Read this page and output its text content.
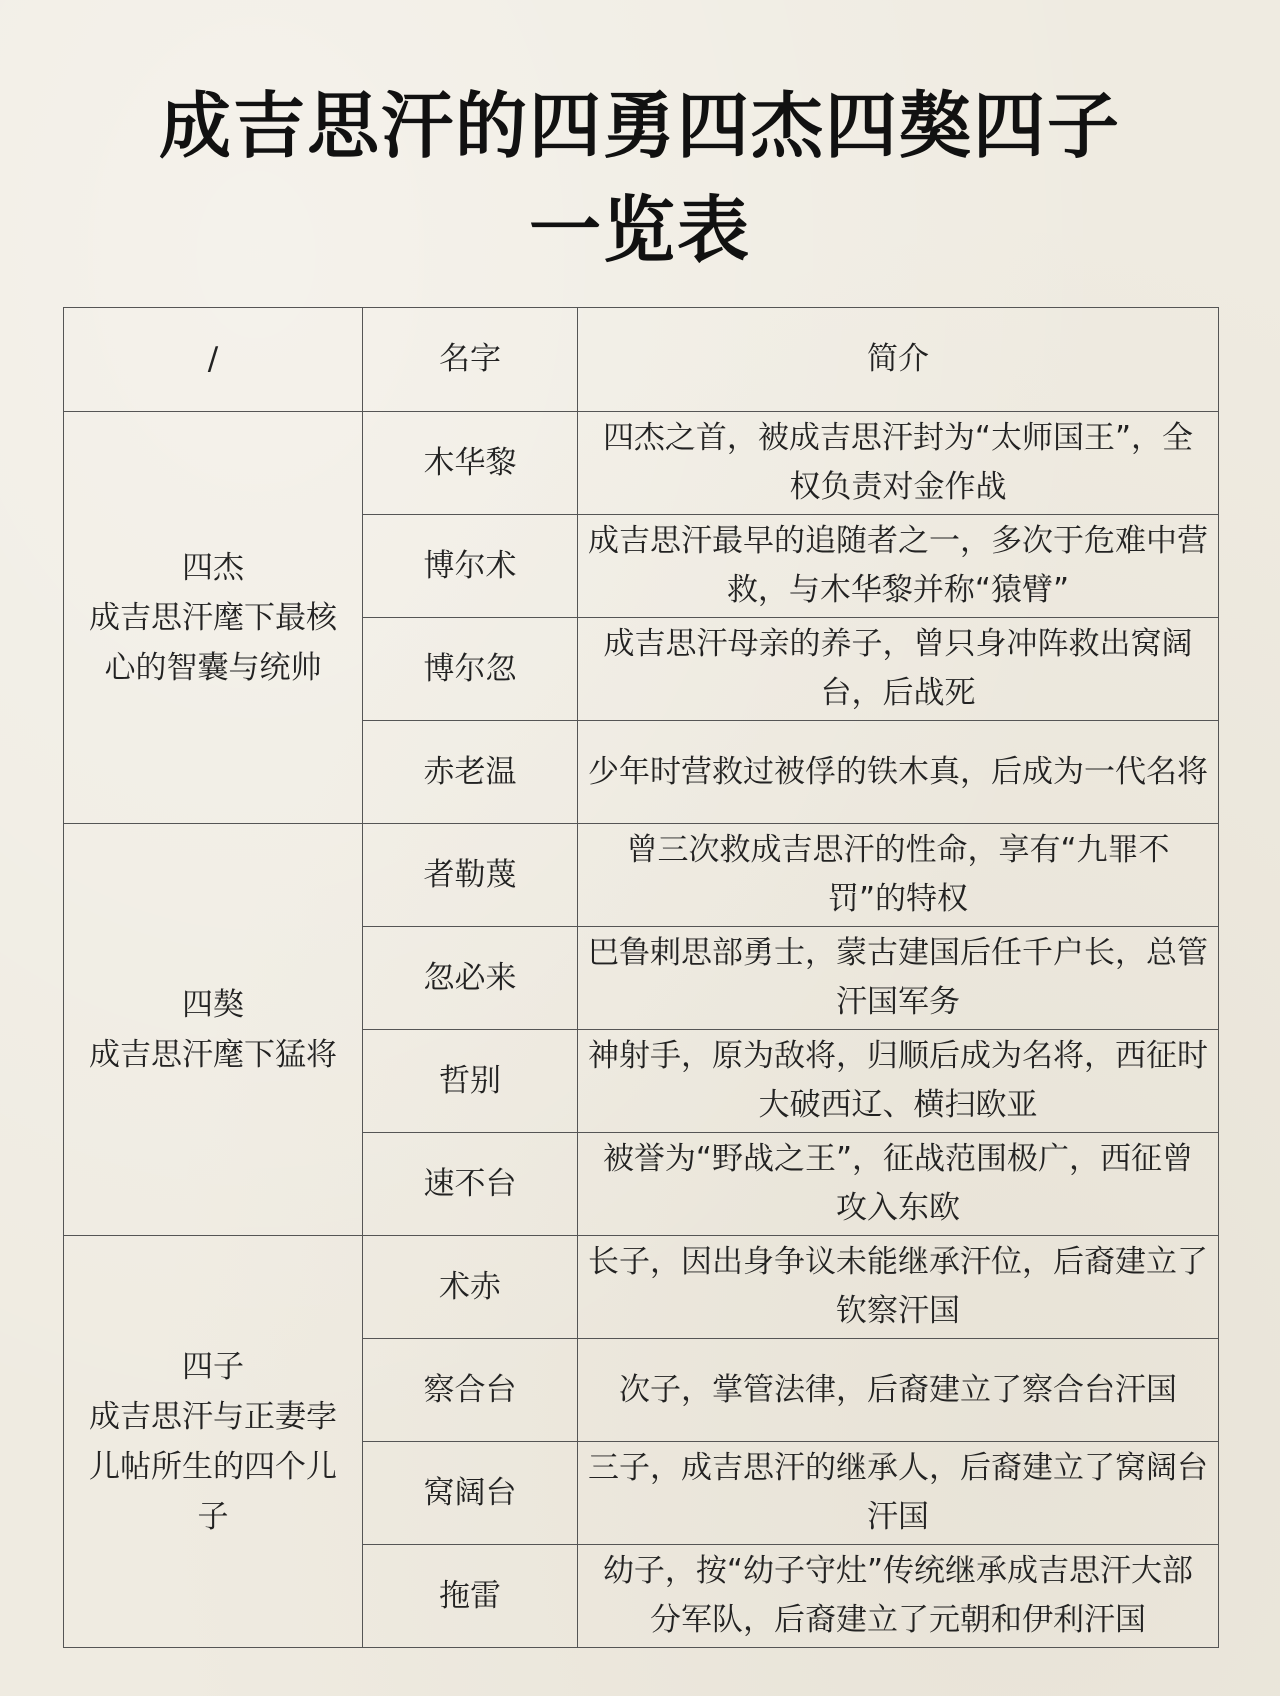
成吉思汗的四勇四杰四獒四子
一览表
/	名字	简介

四杰
成吉思汗麾下最核心的智囊与统帅	木华黎	四杰之首，被成吉思汗封为“太师国王”，全权负责对金作战
	博尔术	成吉思汗最早的追随者之一，多次于危难中营救，与木华黎并称“猿臂”
	博尔忽	成吉思汗母亲的养子，曾只身冲阵救出窝阔台，后战死
	赤老温	少年时营救过被俘的铁木真，后成为一代名将

四獒
成吉思汗麾下猛将	者勒蔑	曾三次救成吉思汗的性命，享有“九罪不罚”的特权
	忽必来	巴鲁剌思部勇士，蒙古建国后任千户长，总管汗国军务
	哲别	神射手，原为敌将，归顺后成为名将，西征时大破西辽、横扫欧亚
	速不台	被誉为“野战之王”，征战范围极广，西征曾攻入东欧

四子
成吉思汗与正妻孛儿帖所生的四个儿子	术赤	长子，因出身争议未能继承汗位，后裔建立了钦察汗国
	察合台	次子，掌管法律，后裔建立了察合台汗国
	窝阔台	三子，成吉思汗的继承人，后裔建立了窝阔台汗国
	拖雷	幼子，按“幼子守灶”传统继承成吉思汗大部分军队，后裔建立了元朝和伊利汗国
